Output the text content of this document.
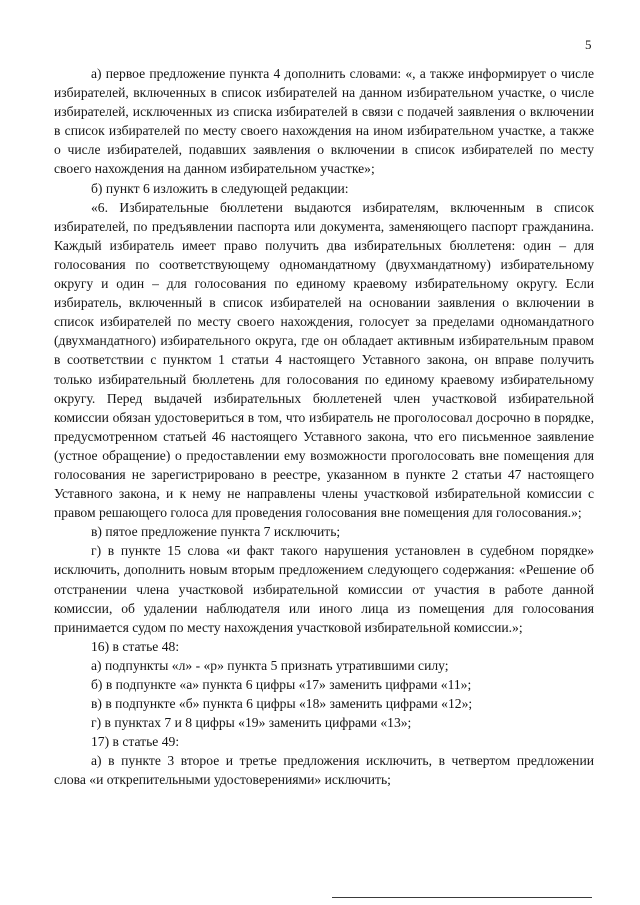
5

а) первое предложение пункта 4 дополнить словами: «, а также информирует о числе избирателей, включенных в список избирателей на данном избирательном участке, о числе избирателей, исключенных из списка избирателей в связи с подачей заявления о включении в список избирателей по месту своего нахождения на ином избирательном участке, а также о числе избирателей, подавших заявления о включении в список избирателей по месту своего нахождения на данном избирательном участке»;

б) пункт 6 изложить в следующей редакции:

«6. Избирательные бюллетени выдаются избирателям, включенным в список избирателей, по предъявлении паспорта или документа, заменяющего паспорт гражданина. Каждый избиратель имеет право получить два избирательных бюллетеня: один – для голосования по соответствующему одномандатному (двухмандатному) избирательному округу и один – для голосования по единому краевому избирательному округу. Если избиратель, включенный в список избирателей на основании заявления о включении в список избирателей по месту своего нахождения, голосует за пределами одномандатного (двухмандатного) избирательного округа, где он обладает активным избирательным правом в соответствии с пунктом 1 статьи 4 настоящего Уставного закона, он вправе получить только избирательный бюллетень для голосования по единому краевому избирательному округу. Перед выдачей избирательных бюллетеней член участковой избирательной комиссии обязан удостовериться в том, что избиратель не проголосовал досрочно в порядке, предусмотренном статьей 46 настоящего Уставного закона, что его письменное заявление (устное обращение) о предоставлении ему возможности проголосовать вне помещения для голосования не зарегистрировано в реестре, указанном в пункте 2 статьи 47 настоящего Уставного закона, и к нему не направлены члены участковой избирательной комиссии с правом решающего голоса для проведения голосования вне помещения для голосования.»;

в) пятое предложение пункта 7 исключить;

г) в пункте 15 слова «и факт такого нарушения установлен в судебном порядке» исключить, дополнить новым вторым предложением следующего содержания: «Решение об отстранении члена участковой избирательной комиссии от участия в работе данной комиссии, об удалении наблюдателя или иного лица из помещения для голосования принимается судом по месту нахождения участковой избирательной комиссии.»;

16) в статье 48:

а) подпункты «л» - «р» пункта 5 признать утратившими силу;

б) в подпункте «а» пункта 6 цифры «17» заменить цифрами «11»;

в) в подпункте «б» пункта 6 цифры «18» заменить цифрами «12»;

г) в пунктах 7 и 8 цифры «19» заменить цифрами «13»;

17) в статье 49:

а) в пункте 3 второе и третье предложения исключить, в четвертом предложении слова «и открепительными удостоверениями» исключить;
